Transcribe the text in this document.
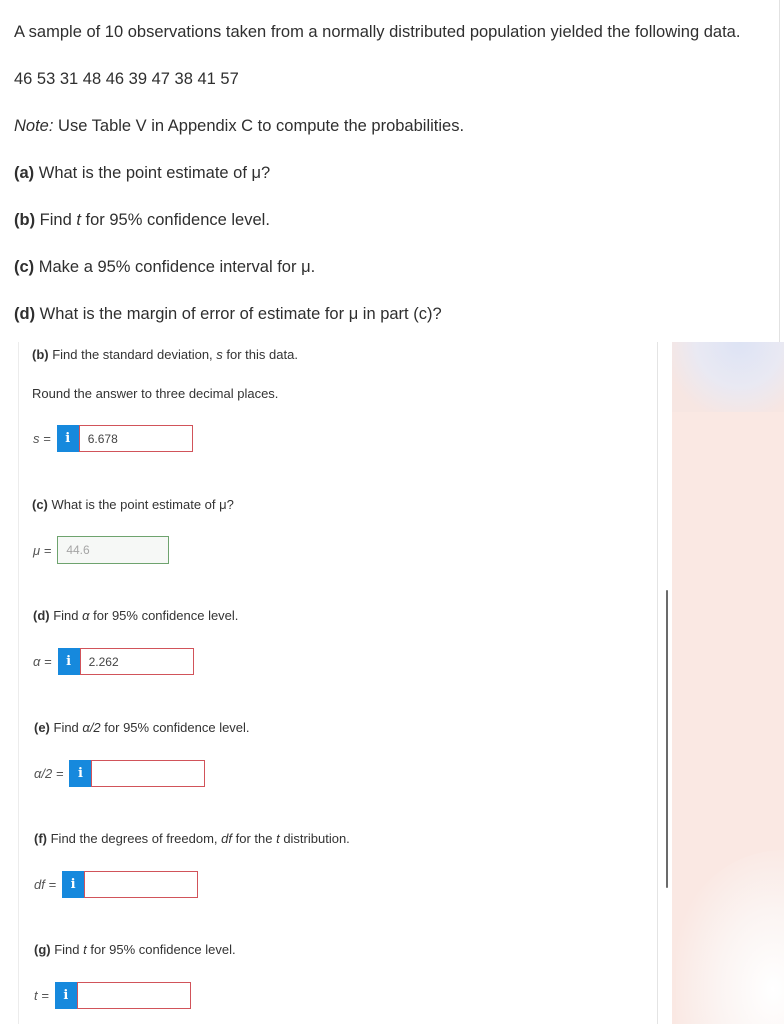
A sample of 10 observations taken from a normally distributed population yielded the following data.
46 53 31 48 46 39 47 38 41 57
Note: Use Table V in Appendix C to compute the probabilities.
(a) What is the point estimate of μ?
(b) Find t for 95% confidence level.
(c) Make a 95% confidence interval for μ.
(d) What is the margin of error of estimate for μ in part (c)?
(b) Find the standard deviation, s for this data.
Round the answer to three decimal places.
s =	i	6.678
(c) What is the point estimate of μ?
μ =	44.6
(d) Find α for 95% confidence level.
α =	i	2.262
(e) Find α/2 for 95% confidence level.
α/2 =	i
(f) Find the degrees of freedom, df for the t distribution.
df =	i
(g) Find t for 95% confidence level.
t =	i
